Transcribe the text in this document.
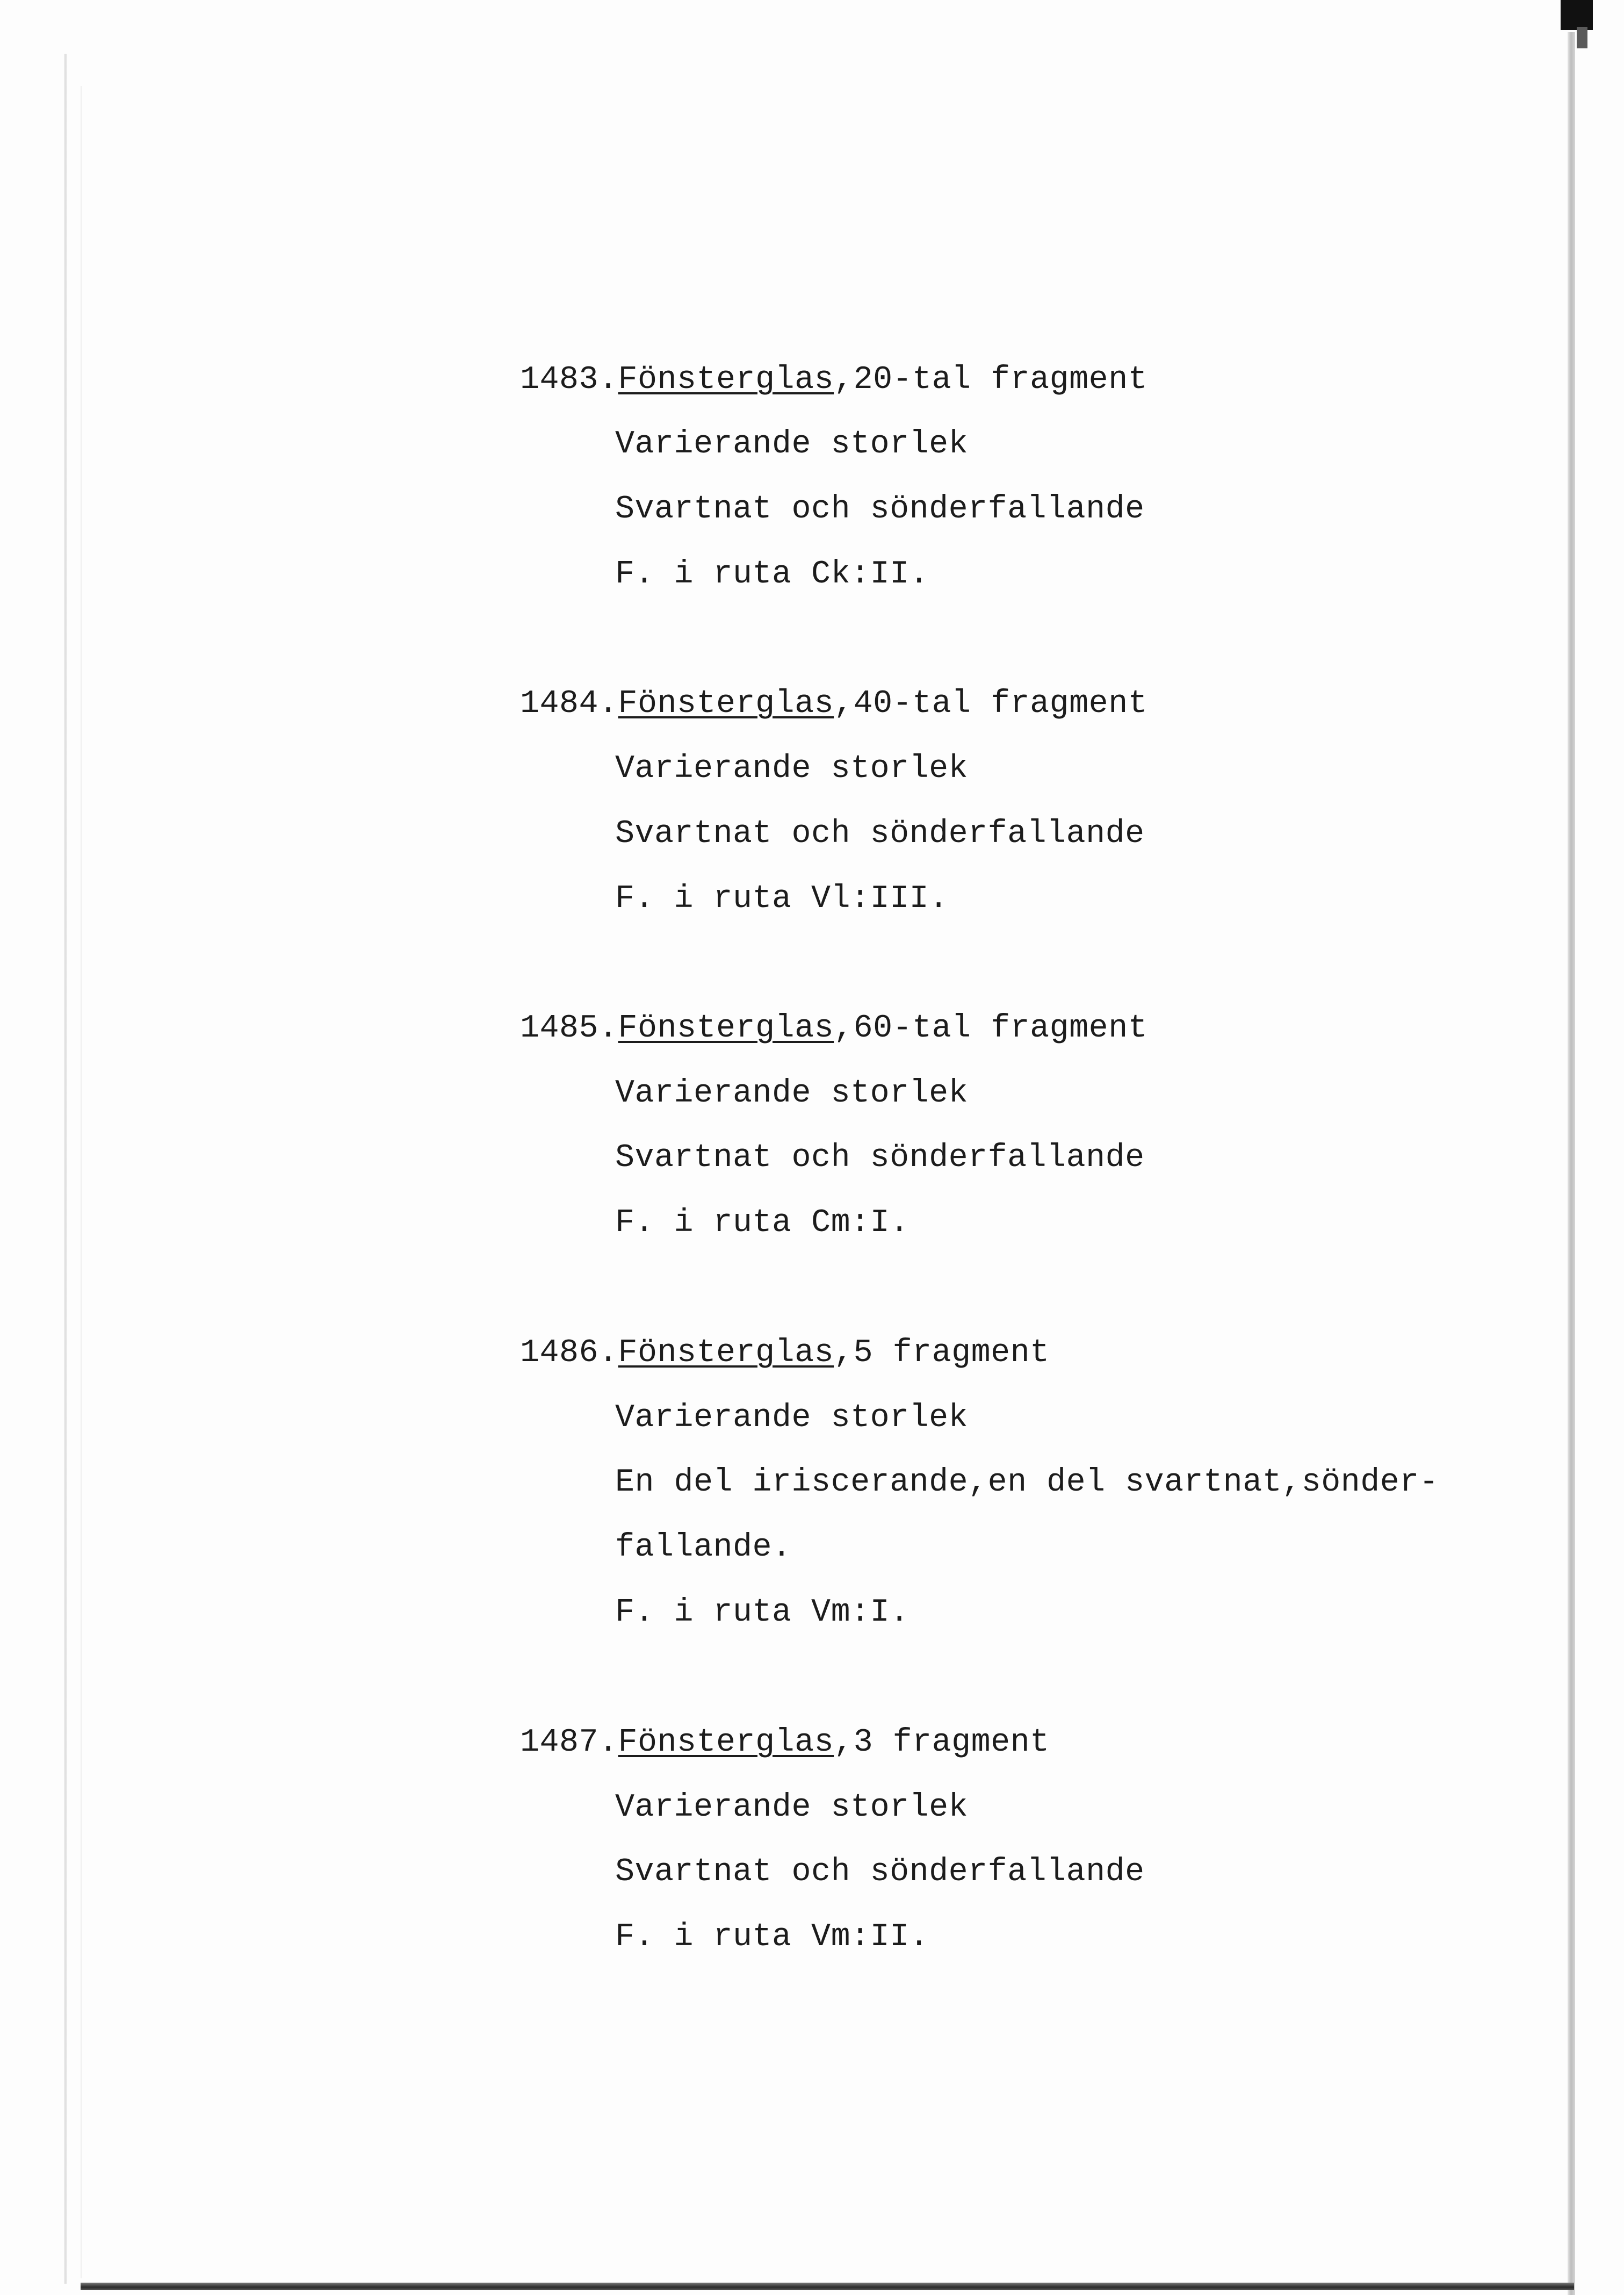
1483.Fönsterglas,20-tal fragment
Varierande storlek
Svartnat och sönderfallande
F. i ruta Ck:II.
1484.Fönsterglas,40-tal fragment
Varierande storlek
Svartnat och sönderfallande
F. i ruta Vl:III.
1485.Fönsterglas,60-tal fragment
Varierande storlek
Svartnat och sönderfallande
F. i ruta Cm:I.
1486.Fönsterglas,5 fragment
Varierande storlek
En del iriscerande,en del svartnat,sönder-
fallande.
F. i ruta Vm:I.
1487.Fönsterglas,3 fragment
Varierande storlek
Svartnat och sönderfallande
F. i ruta Vm:II.
